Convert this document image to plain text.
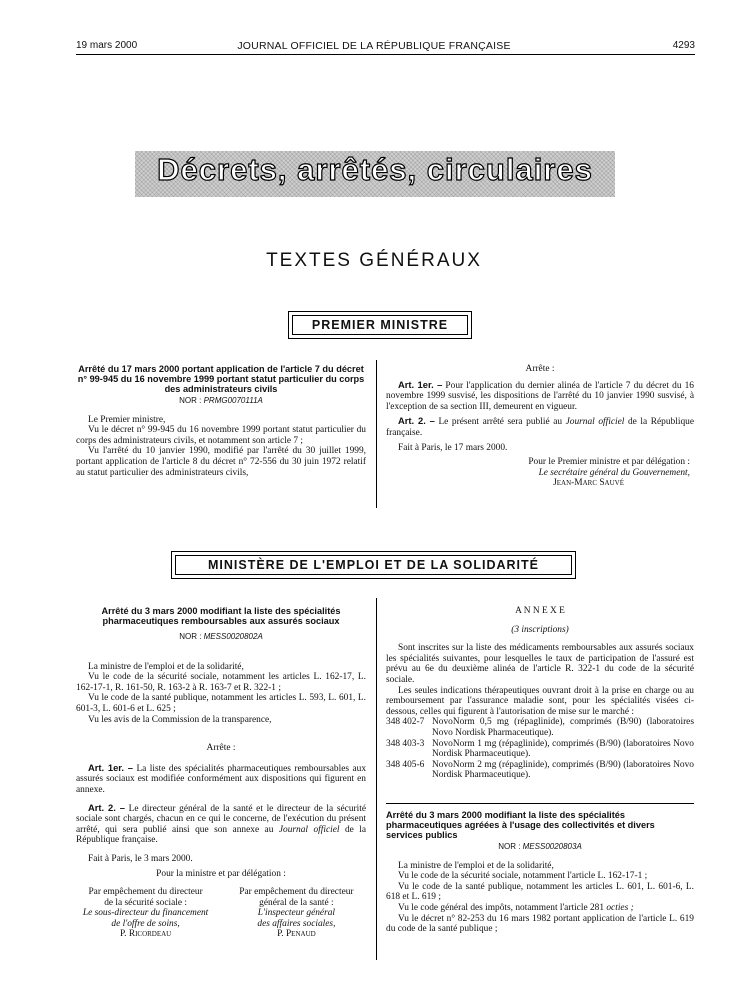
19 mars 2000	JOURNAL OFFICIEL DE LA RÉPUBLIQUE FRANÇAISE	4293
Décrets, arrêtés, circulaires
TEXTES GÉNÉRAUX
PREMIER MINISTRE

Arrêté du 17 mars 2000 portant application de l'article 7 du décret n° 99-945 du 16 novembre 1999 portant statut particulier du corps des administrateurs civils

NOR : PRMG0070111A

Le Premier ministre,

Vu le décret n° 99-945 du 16 novembre 1999 portant statut particulier du corps des administrateurs civils, et notamment son article 7 ;

Vu l'arrêté du 10 janvier 1990, modifié par l'arrêté du 30 juillet 1999, portant application de l'article 8 du décret n° 72-556 du 30 juin 1972 relatif au statut particulier des administrateurs civils,

Arrête :

Art. 1er. – Pour l'application du dernier alinéa de l'article 7 du décret du 16 novembre 1999 susvisé, les dispositions de l'arrêté du 10 janvier 1990 susvisé, à l'exception de sa section III, demeurent en vigueur.

Art. 2. – Le présent arrêté sera publié au Journal officiel de la République française.

Fait à Paris, le 17 mars 2000.

Pour le Premier ministre et par délégation :

Le secrétaire général du Gouvernement,

Jean-Marc Sauvé

MINISTÈRE DE L'EMPLOI ET DE LA SOLIDARITÉ

Arrêté du 3 mars 2000 modifiant la liste des spécialités pharmaceutiques remboursables aux assurés sociaux

NOR : MESS0020802A

La ministre de l'emploi et de la solidarité,

Vu le code de la sécurité sociale, notamment les articles L. 162-17, L. 162-17-1, R. 161-50, R. 163-2 à R. 163-7 et R. 322-1 ;

Vu le code de la santé publique, notamment les articles L. 593, L. 601, L. 601-3, L. 601-6 et L. 625 ;

Vu les avis de la Commission de la transparence,

Arrête :

Art. 1er. – La liste des spécialités pharmaceutiques remboursables aux assurés sociaux est modifiée conformément aux dispositions qui figurent en annexe.

Art. 2. – Le directeur général de la santé et le directeur de la sécurité sociale sont chargés, chacun en ce qui le concerne, de l'exécution du présent arrêté, qui sera publié ainsi que son annexe au Journal officiel de la République française.

Fait à Paris, le 3 mars 2000.

Pour la ministre et par délégation :

Par empêchement du directeur

de la sécurité sociale :

Le sous-directeur du financement

de l'offre de soins,

P. Ricordeau

Par empêchement du directeur

général de la santé :

L'inspecteur général

des affaires sociales,

P. Penaud

A N N E X E

(3 inscriptions)

Sont inscrites sur la liste des médicaments remboursables aux assurés sociaux les spécialités suivantes, pour lesquelles le taux de participation de l'assuré est prévu au 6e du deuxième alinéa de l'article R. 322-1 du code de la sécurité sociale.

Les seules indications thérapeutiques ouvrant droit à la prise en charge ou au remboursement par l'assurance maladie sont, pour les spécialités visées ci-dessous, celles qui figurent à l'autorisation de mise sur le marché :

348 402-7 NovoNorm 0,5 mg (répaglinide), comprimés (B/90) (laboratoires Novo Nordisk Pharmaceutique).
348 403-3 NovoNorm 1 mg (répaglinide), comprimés (B/90) (laboratoires Novo Nordisk Pharmaceutique).
348 405-6 NovoNorm 2 mg (répaglinide), comprimés (B/90) (laboratoires Novo Nordisk Pharmaceutique).

Arrêté du 3 mars 2000 modifiant la liste des spécialités pharmaceutiques agréées à l'usage des collectivités et divers services publics

NOR : MESS0020803A

La ministre de l'emploi et de la solidarité,

Vu le code de la sécurité sociale, notamment l'article L. 162-17-1 ;

Vu le code de la santé publique, notamment les articles L. 601, L. 601-6, L. 618 et L. 619 ;

Vu le code général des impôts, notamment l'article 281 octies ;

Vu le décret n° 82-253 du 16 mars 1982 portant application de l'article L. 619 du code de la santé publique ;
